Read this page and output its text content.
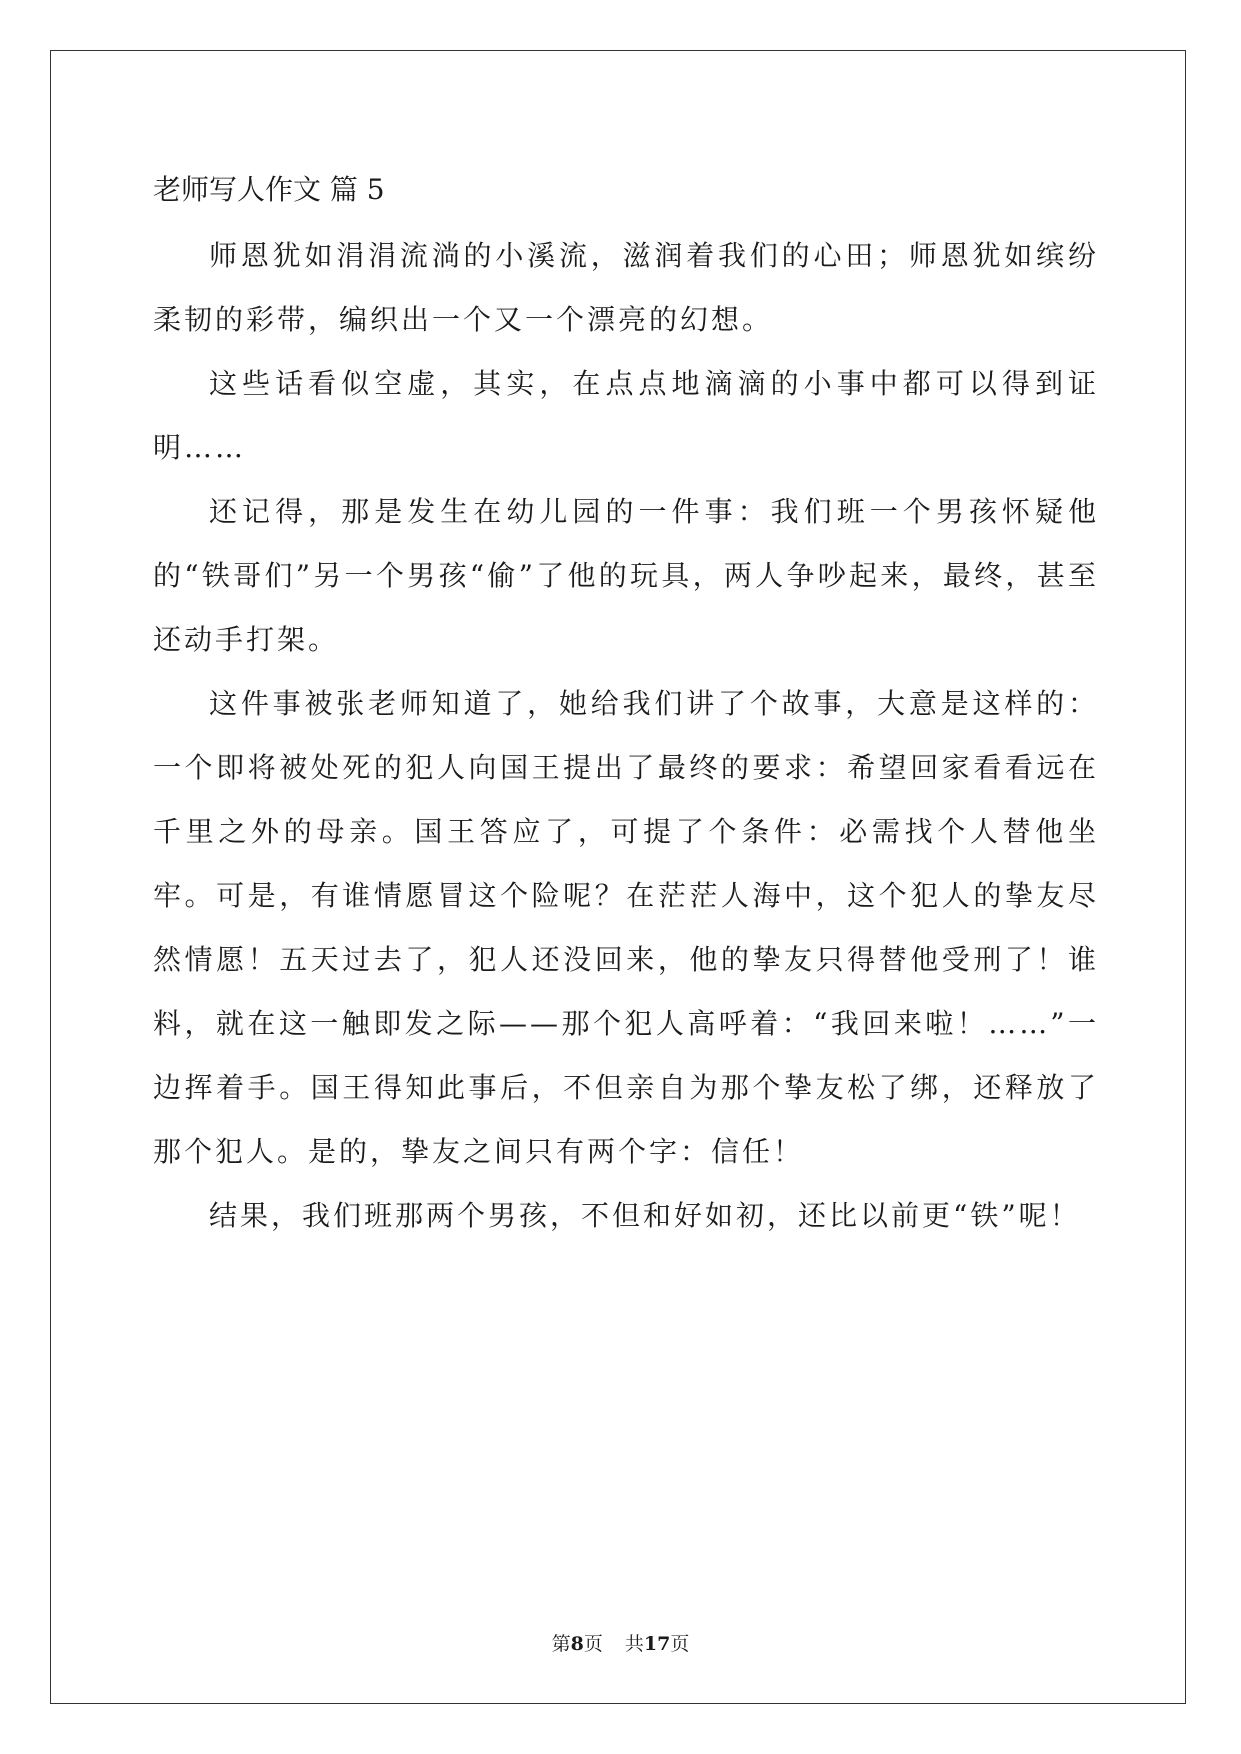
老师写人作文 篇 5

师恩犹如涓涓流淌的小溪流，滋润着我们的心田；师恩犹如缤纷柔韧的彩带，编织出一个又一个漂亮的幻想。

这些话看似空虚，其实，在点点地滴滴的小事中都可以得到证明……

还记得，那是发生在幼儿园的一件事：我们班一个男孩怀疑他的“铁哥们”另一个男孩“偷”了他的玩具，两人争吵起来，最终，甚至还动手打架。

这件事被张老师知道了，她给我们讲了个故事，大意是这样的：一个即将被处死的犯人向国王提出了最终的要求：希望回家看看远在千里之外的母亲。国王答应了，可提了个条件：必需找个人替他坐牢。可是，有谁情愿冒这个险呢？在茫茫人海中，这个犯人的挚友尽然情愿！五天过去了，犯人还没回来，他的挚友只得替他受刑了！谁料，就在这一触即发之际——那个犯人高呼着：“我回来啦！……”一边挥着手。国王得知此事后，不但亲自为那个挚友松了绑，还释放了那个犯人。是的，挚友之间只有两个字：信任！

结果，我们班那两个男孩，不但和好如初，还比以前更“铁”呢！

第8页 共17页
